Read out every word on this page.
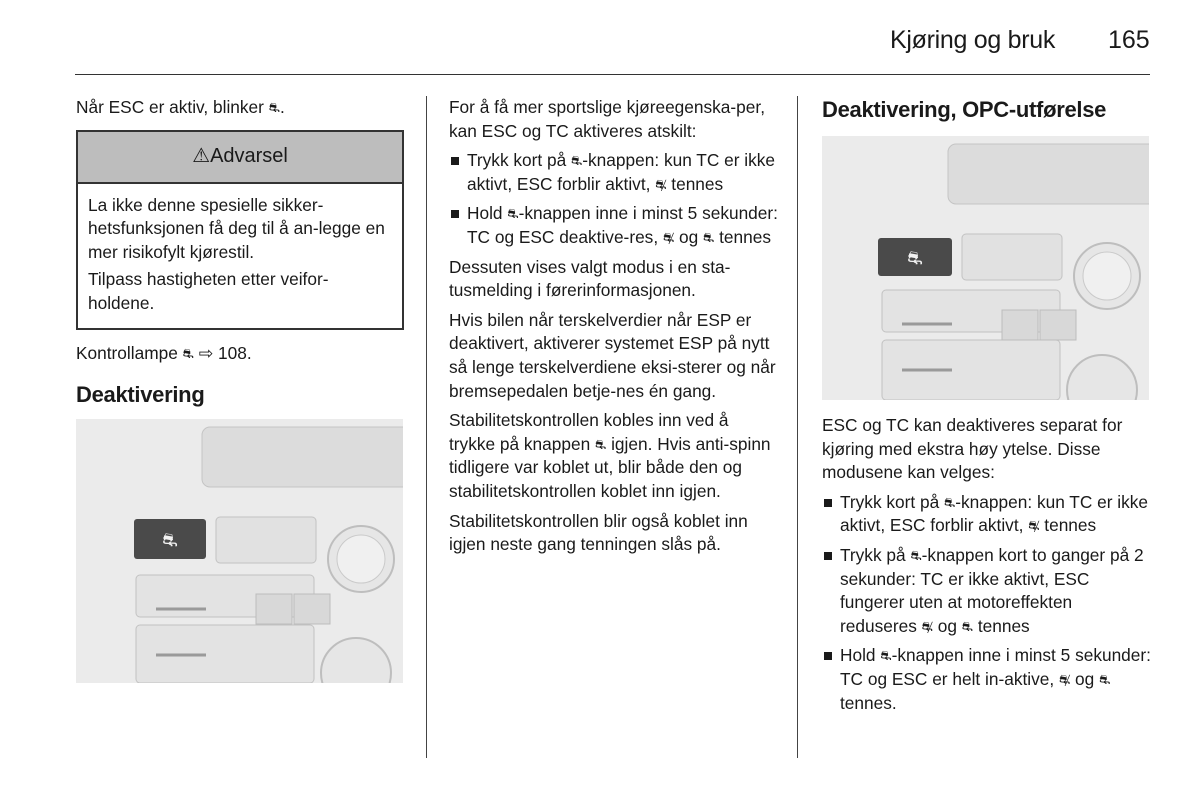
Kjøring og bruk 165

Når ESC er aktiv, blinker ⛐.

⚠ Advarsel

La ikke denne spesielle sikker-hetsfunksjonen få deg til å an-legge en mer risikofylt kjørestil.

Tilpass hastigheten etter veifor-holdene.

Kontrollampe ⛐ ⇨ 108.

Deaktivering
⛐

For å få mer sportslige kjøreegenska-per, kan ESC og TC aktiveres atskilt:

Trykk kort på ⛐-knappen: kun TC er ikke aktivt, ESC forblir aktivt, ⛐̸ tennes
Hold ⛐-knappen inne i minst 5 sekunder: TC og ESC deaktive-res, ⛐̸ og ⛐ tennes

Dessuten vises valgt modus i en sta-tusmelding i førerinformasjonen.

Hvis bilen når terskelverdier når ESP er deaktivert, aktiverer systemet ESP på nytt så lenge terskelverdiene eksi-sterer og når bremsepedalen betje-nes én gang.

Stabilitetskontrollen kobles inn ved å trykke på knappen ⛐ igjen. Hvis anti-spinn tidligere var koblet ut, blir både den og stabilitetskontrollen koblet inn igjen.

Stabilitetskontrollen blir også koblet inn igjen neste gang tenningen slås på.

Deaktivering, OPC-utførelse
⛐

ESC og TC kan deaktiveres separat for kjøring med ekstra høy ytelse. Disse modusene kan velges:

Trykk kort på ⛐-knappen: kun TC er ikke aktivt, ESC forblir aktivt, ⛐̸ tennes
Trykk på ⛐-knappen kort to ganger på 2 sekunder: TC er ikke aktivt, ESC fungerer uten at motoreffekten reduseres ⛐̸ og ⛐ tennes
Hold ⛐-knappen inne i minst 5 sekunder: TC og ESC er helt in-aktive, ⛐̸ og ⛐ tennes.
